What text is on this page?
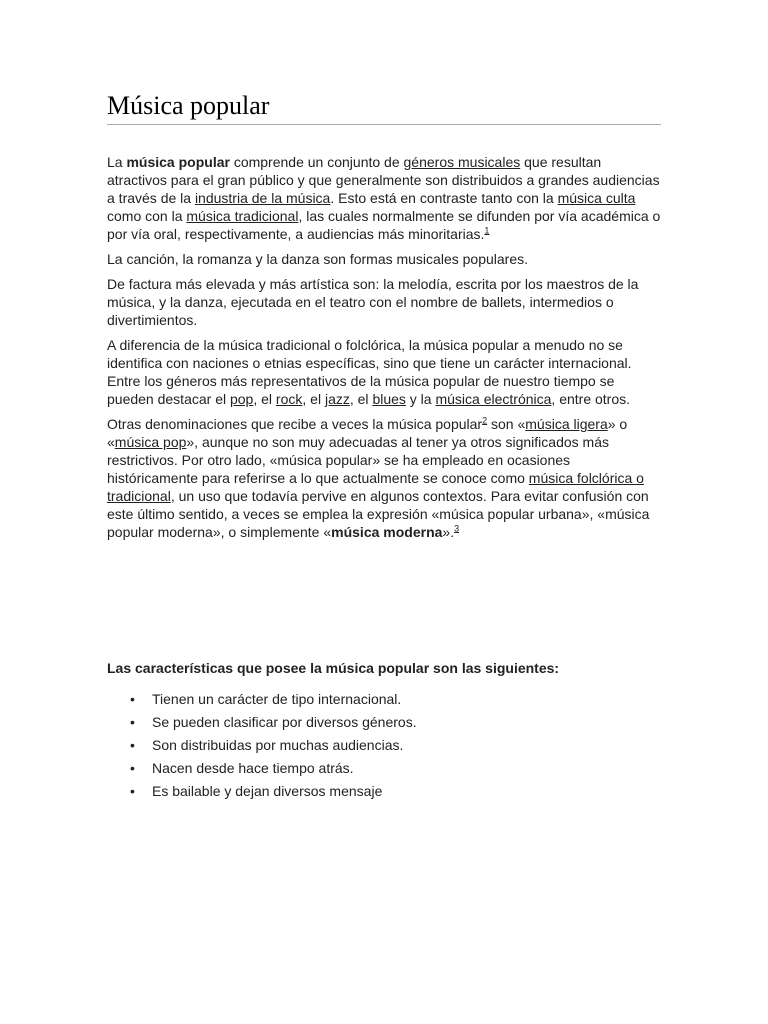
Música popular

La música popular comprende un conjunto de géneros musicales que resultan atractivos para el gran público y que generalmente son distribuidos a grandes audiencias a través de la industria de la música. Esto está en contraste tanto con la música culta como con la música tradicional, las cuales normalmente se difunden por vía académica o por vía oral, respectivamente, a audiencias más minoritarias.$^1$

La canción, la romanza y la danza son formas musicales populares.

De factura más elevada y más artística son: la melodía, escrita por los maestros de la música, y la danza, ejecutada en el teatro con el nombre de ballets, intermedios o divertimientos.

A diferencia de la música tradicional o folclórica, la música popular a menudo no se identifica con naciones o etnias específicas, sino que tiene un carácter internacional. Entre los géneros más representativos de la música popular de nuestro tiempo se pueden destacar el pop, el rock, el jazz, el blues y la música electrónica, entre otros.

Otras denominaciones que recibe a veces la música popular$^2$ son «música ligera» o «música pop», aunque no son muy adecuadas al tener ya otros significados más restrictivos. Por otro lado, «música popular» se ha empleado en ocasiones históricamente para referirse a lo que actualmente se conoce como música folclórica o tradicional, un uso que todavía pervive en algunos contextos. Para evitar confusión con este último sentido, a veces se emplea la expresión «música popular urbana», «música popular moderna», o simplemente «música moderna».$^3$

Las características que posee la música popular son las siguientes:

• Tienen un carácter de tipo internacional.
• Se pueden clasificar por diversos géneros.
• Son distribuidas por muchas audiencias.
• Nacen desde hace tiempo atrás.
• Es bailable y dejan diversos mensaje
